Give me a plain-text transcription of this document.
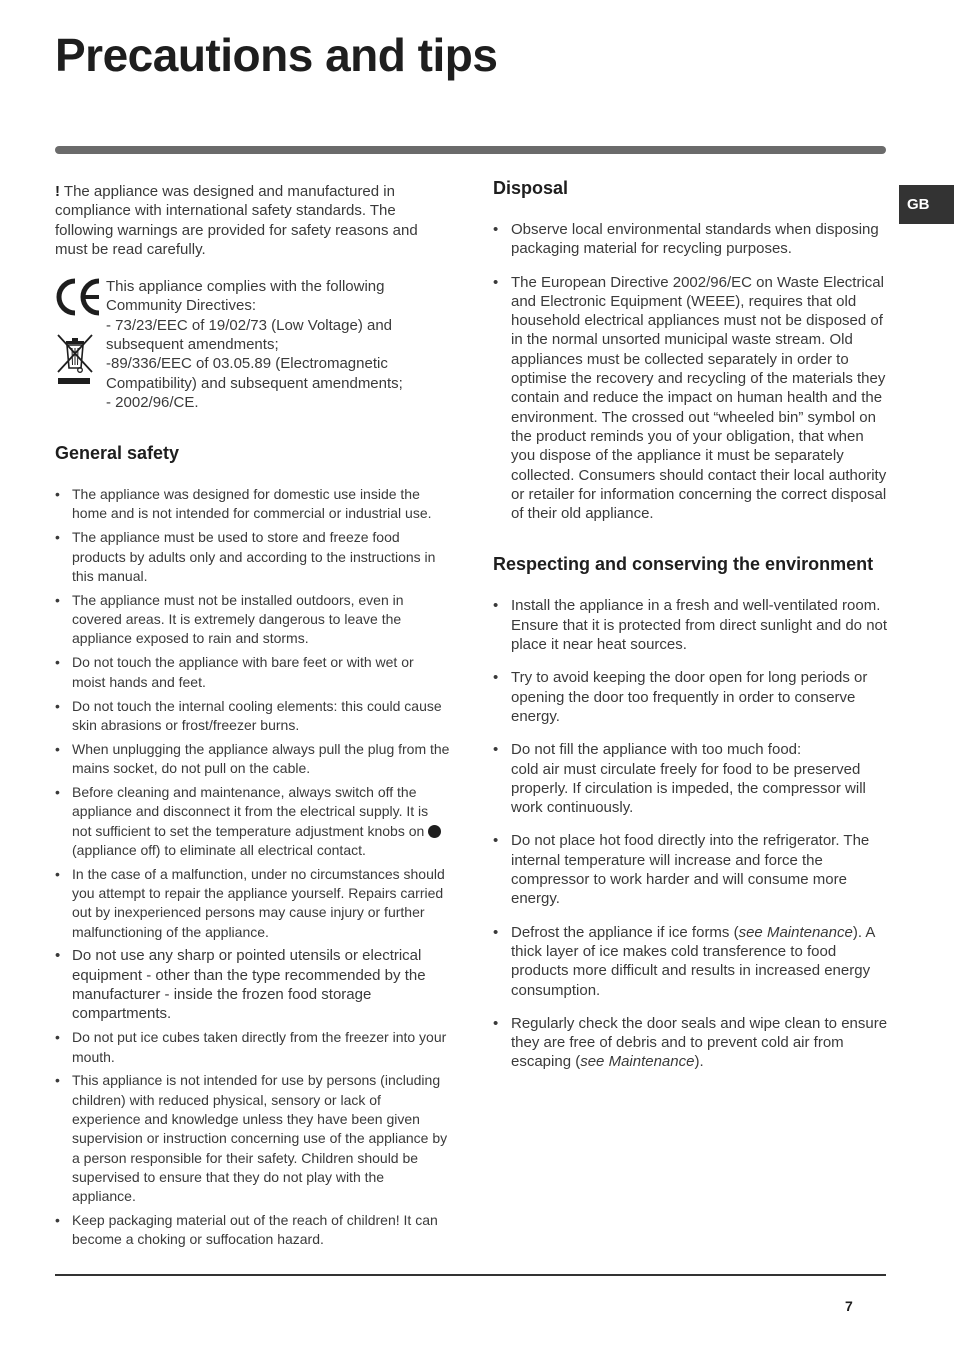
Precautions and tips
GB

! The appliance was designed and manufactured in compliance with international safety standards. The following warnings are provided for safety reasons and must be read carefully.

This appliance complies with the following Community Directives:
- 73/23/EEC of 19/02/73 (Low Voltage) and subsequent amendments;
-89/336/EEC of 03.05.89 (Electromagnetic Compatibility) and subsequent amendments;
- 2002/96/CE.
General safety
• The appliance was designed for domestic use inside the home and is not intended for commercial or industrial use.
• The appliance must be used to store and freeze food products by adults only and according to the instructions in this manual.
• The appliance must not be installed outdoors, even in covered areas. It is extremely dangerous to leave the appliance exposed to rain and storms.
• Do not touch the appliance with bare feet or with wet or moist hands and feet.
• Do not touch the internal cooling elements: this could cause skin abrasions or frost/freezer burns.
• When unplugging the appliance always pull the plug from the mains socket, do not pull on the cable.
• Before cleaning and maintenance, always switch off the appliance and disconnect it from the electrical supply. It is not sufficient to set the temperature adjustment knobs on (appliance off) to eliminate all electrical contact.
• In the case of a malfunction, under no circumstances should you attempt to repair the appliance yourself. Repairs carried out by inexperienced persons may cause injury or further malfunctioning of the appliance.
• Do not use any sharp or pointed utensils or electrical equipment - other than the type recommended by the manufacturer - inside the frozen food storage compartments.
• Do not put ice cubes taken directly from the freezer into your mouth.
• This appliance is not intended for use by persons (including children) with reduced physical, sensory or lack of experience and knowledge unless they have been given supervision or instruction concerning use of the appliance by a person responsible for their safety. Children should be supervised to ensure that they do not play with the appliance.
• Keep packaging material out of the reach of children! It can become a choking or suffocation hazard.
Disposal
• Observe local environmental standards when disposing packaging material for recycling purposes.
• The European Directive 2002/96/EC on Waste Electrical and Electronic Equipment (WEEE), requires that old household electrical appliances must not be disposed of in the normal unsorted municipal waste stream. Old appliances must be collected separately in order to optimise the recovery and recycling of the materials they contain and reduce the impact on human health and the environment. The crossed out “wheeled bin” symbol on the product reminds you of your obligation, that when you dispose of the appliance it must be separately collected. Consumers should contact their local authority or retailer for information concerning the correct disposal of their old appliance.
Respecting and conserving the environment
• Install the appliance in a fresh and well-ventilated room. Ensure that it is protected from direct sunlight and do not place it near heat sources.
• Try to avoid keeping the door open for long periods or opening the door too frequently in order to conserve energy.
• Do not fill the appliance with too much food:
cold air must circulate freely for food to be preserved properly. If circulation is impeded, the compressor will work continuously.
• Do not place hot food directly into the refrigerator. The internal temperature will increase and force the compressor to work harder and will consume more energy.
• Defrost the appliance if ice forms (see Maintenance). A thick layer of ice makes cold transference to food products more difficult and results in increased energy consumption.
• Regularly check the door seals and wipe clean to ensure they are free of debris and to prevent cold air from escaping (see Maintenance).
7
